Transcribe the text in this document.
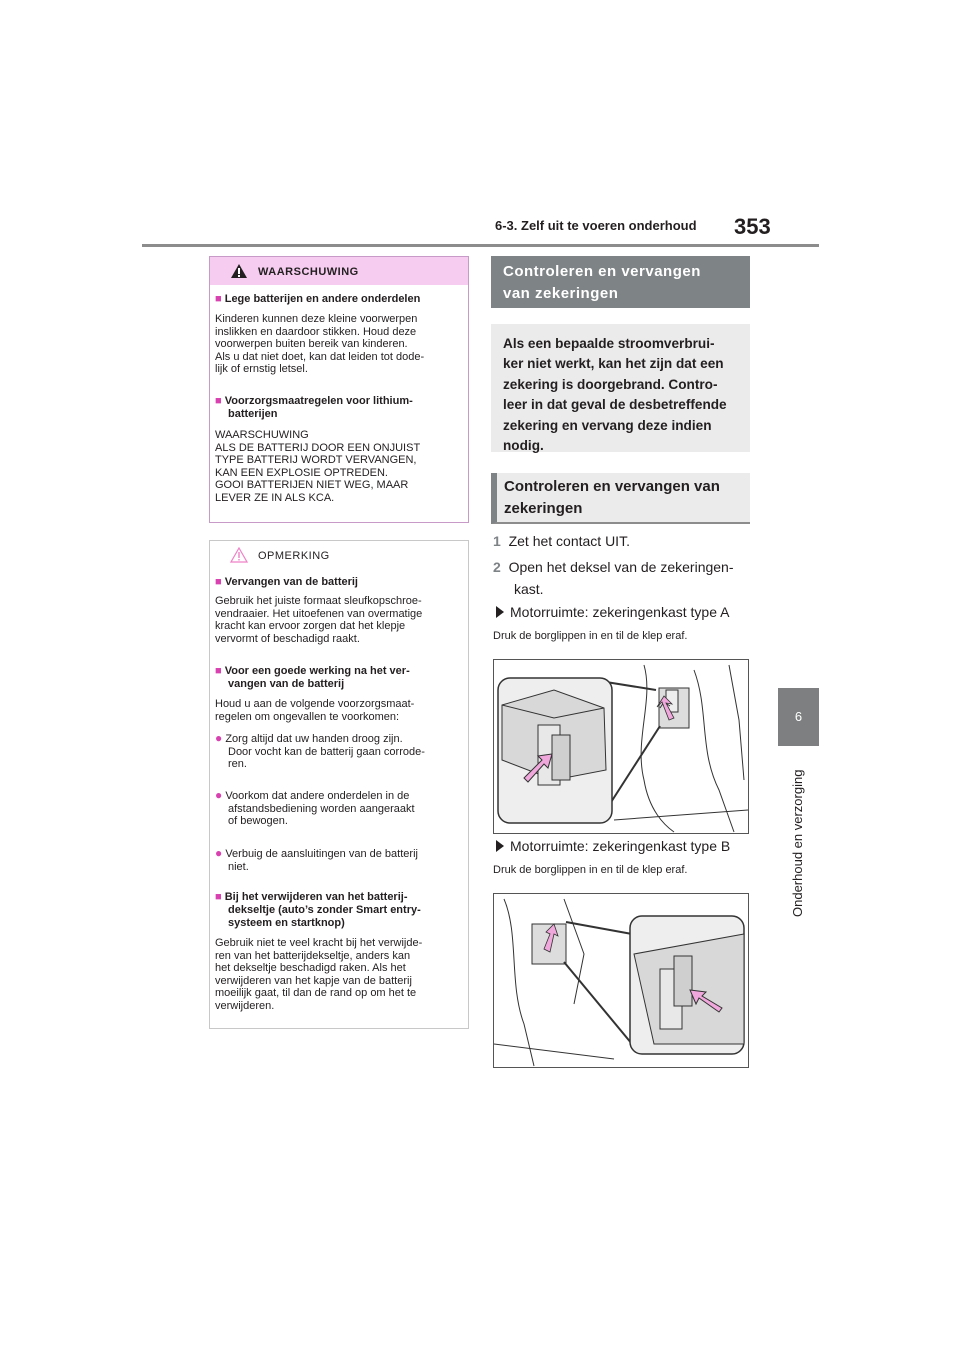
6-3. Zelf uit te voeren onderhoud 353
6
Onderhoud en verzorging
WAARSCHUWING
■ Lege batterijen en andere onderdelen
Kinderen kunnen deze kleine voorwerpen
inslikken en daardoor stikken. Houd deze
voorwerpen buiten bereik van kinderen.
Als u dat niet doet, kan dat leiden tot dode-
lijk of ernstig letsel.
■ Voorzorgsmaatregelen voor lithium-
batterijen
WAARSCHUWING
ALS DE BATTERIJ DOOR EEN ONJUIST
TYPE BATTERIJ WORDT VERVANGEN,
KAN EEN EXPLOSIE OPTREDEN.
GOOI BATTERIJEN NIET WEG, MAAR
LEVER ZE IN ALS KCA.
OPMERKING
■ Vervangen van de batterij
Gebruik het juiste formaat sleufkopschroe-
vendraaier. Het uitoefenen van overmatige
kracht kan ervoor zorgen dat het klepje
vervormt of beschadigd raakt.
■ Voor een goede werking na het ver-
vangen van de batterij
Houd u aan de volgende voorzorgsmaat-
regelen om ongevallen te voorkomen:
● Zorg altijd dat uw handen droog zijn.
Door vocht kan de batterij gaan corrode-
ren.
● Voorkom dat andere onderdelen in de
afstandsbediening worden aangeraakt
of bewogen.
● Verbuig de aansluitingen van de batterij
niet.
■ Bij het verwijderen van het batterij-
dekseltje (auto’s zonder Smart entry-
systeem en startknop)
Gebruik niet te veel kracht bij het verwijde-
ren van het batterijdekseltje, anders kan
het dekseltje beschadigd raken. Als het
verwijderen van het kapje van de batterij
moeilijk gaat, til dan de rand op om het te
verwijderen.
Controleren en vervangen
van zekeringen
Als een bepaalde stroomverbrui-
ker niet werkt, kan het zijn dat een
zekering is doorgebrand. Contro-
leer in dat geval de desbetreffende
zekering en vervang deze indien
nodig.
Controleren en vervangen van
zekeringen
1 Zet het contact UIT.
2 Open het deksel van de zekeringen-
kast.
Motorruimte: zekeringenkast type A
Druk de borglippen in en til de klep eraf.
Motorruimte: zekeringenkast type B
Druk de borglippen in en til de klep eraf.
